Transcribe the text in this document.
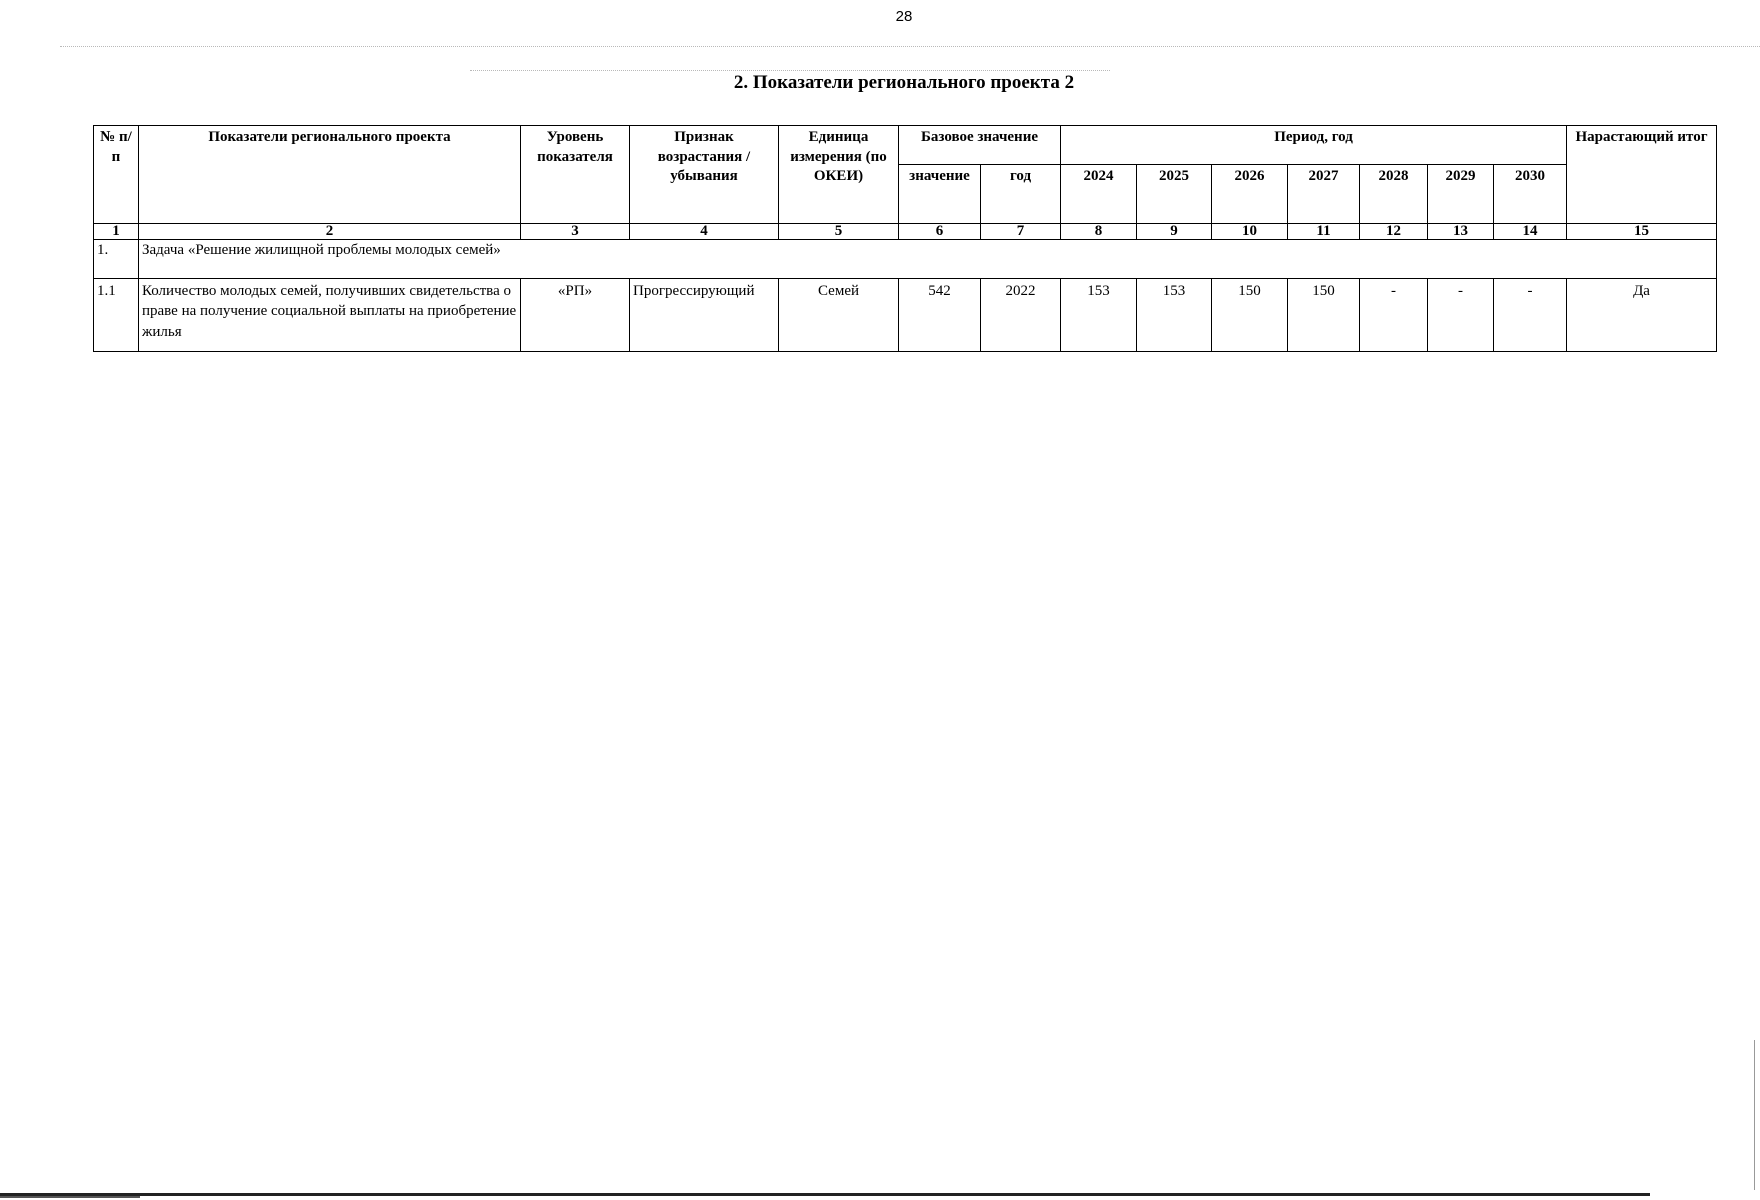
28
2. Показатели регионального проекта 2
№ п/п	Показатели регионального проекта	Уровень показателя	Признак возрастания / убывания	Единица измерения (по ОКЕИ)	Базовое значение		Период, год							Нарастающий итог
					значение	год	2024	2025	2026	2027	2028	2029	2030	
1	2	3	4	5	6	7	8	9	10	11	12	13	14	15
1.	Задача «Решение жилищной проблемы молодых семей»													
1.1	Количество молодых семей, получивших свидетельства о праве на получение социальной выплаты на приобретение жилья	«РП»	Прогрессирующий	Семей	542	2022	153	153	150	150	-	-	-	Да
